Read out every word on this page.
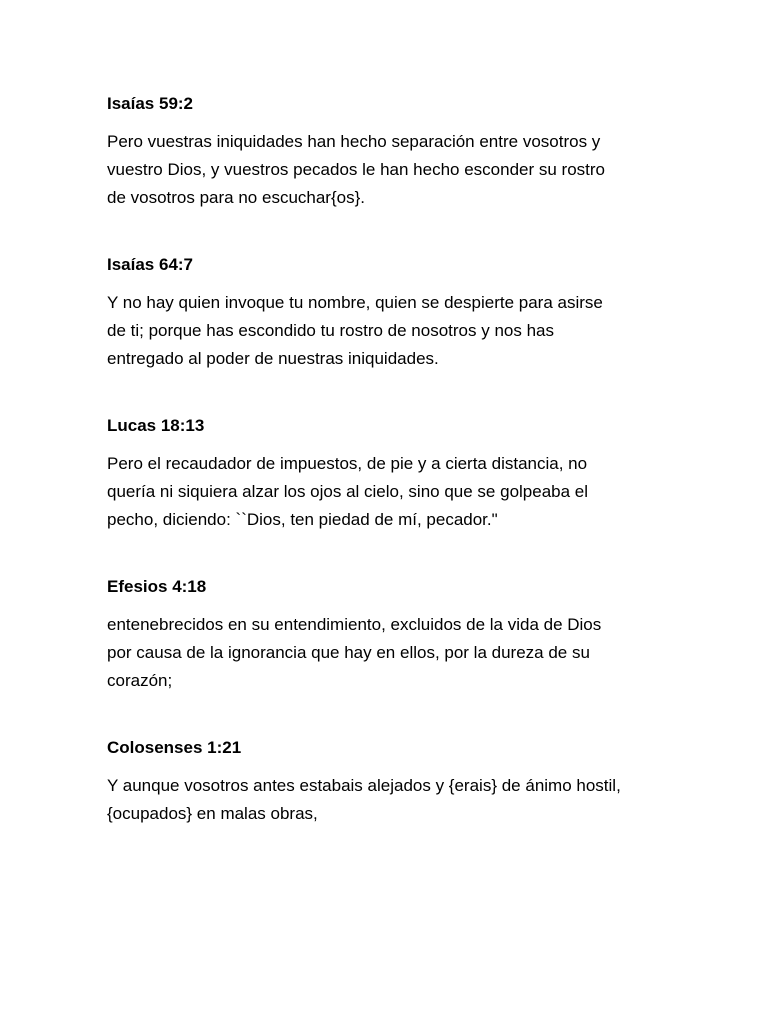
Isaías 59:2

Pero vuestras iniquidades han hecho separación entre vosotros y
vuestro Dios, y vuestros pecados le han hecho esconder su rostro
de vosotros para no escuchar{os}.

Isaías 64:7

Y no hay quien invoque tu nombre, quien se despierte para asirse
de ti; porque has escondido tu rostro de nosotros y nos has
entregado al poder de nuestras iniquidades.

Lucas 18:13

Pero el recaudador de impuestos, de pie y a cierta distancia, no
quería ni siquiera alzar los ojos al cielo, sino que se golpeaba el
pecho, diciendo: ``Dios, ten piedad de mí, pecador."

Efesios 4:18

entenebrecidos en su entendimiento, excluidos de la vida de Dios
por causa de la ignorancia que hay en ellos, por la dureza de su
corazón;

Colosenses 1:21

Y aunque vosotros antes estabais alejados y {erais} de ánimo hostil,
{ocupados} en malas obras,
